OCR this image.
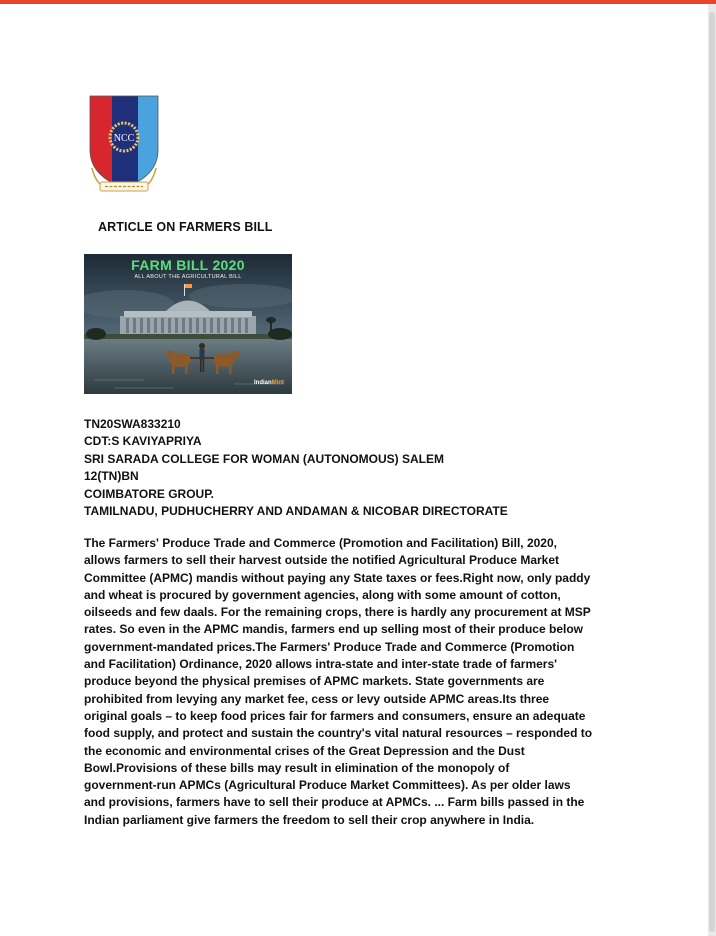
NCC
ARTICLE ON FARMERS BILL
FARM BILL 2020
ALL ABOUT THE AGRICULTURAL BILL
IndianMint
TN20SWA833210
CDT:S KAVIYAPRIYA
SRI SARADA COLLEGE FOR WOMAN (AUTONOMOUS) SALEM
12(TN)BN
COIMBATORE GROUP.
TAMILNADU, PUDHUCHERRY AND ANDAMAN & NICOBAR DIRECTORATE
The Farmers' Produce Trade and Commerce (Promotion and Facilitation) Bill, 2020,
allows farmers to sell their harvest outside the notified Agricultural Produce Market
Committee (APMC) mandis without paying any State taxes or fees.Right now, only paddy
and wheat is procured by government agencies, along with some amount of cotton,
oilseeds and few daals. For the remaining crops, there is hardly any procurement at MSP
rates. So even in the APMC mandis, farmers end up selling most of their produce below
government-mandated prices.The Farmers' Produce Trade and Commerce (Promotion
and Facilitation) Ordinance, 2020 allows intra-state and inter-state trade of farmers'
produce beyond the physical premises of APMC markets. State governments are
prohibited from levying any market fee, cess or levy outside APMC areas.Its three
original goals – to keep food prices fair for farmers and consumers, ensure an adequate
food supply, and protect and sustain the country's vital natural resources – responded to
the economic and environmental crises of the Great Depression and the Dust
Bowl.Provisions of these bills may result in elimination of the monopoly of
government-run APMCs (Agricultural Produce Market Committees). As per older laws
and provisions, farmers have to sell their produce at APMCs. ... Farm bills passed in the
Indian parliament give farmers the freedom to sell their crop anywhere in India.
